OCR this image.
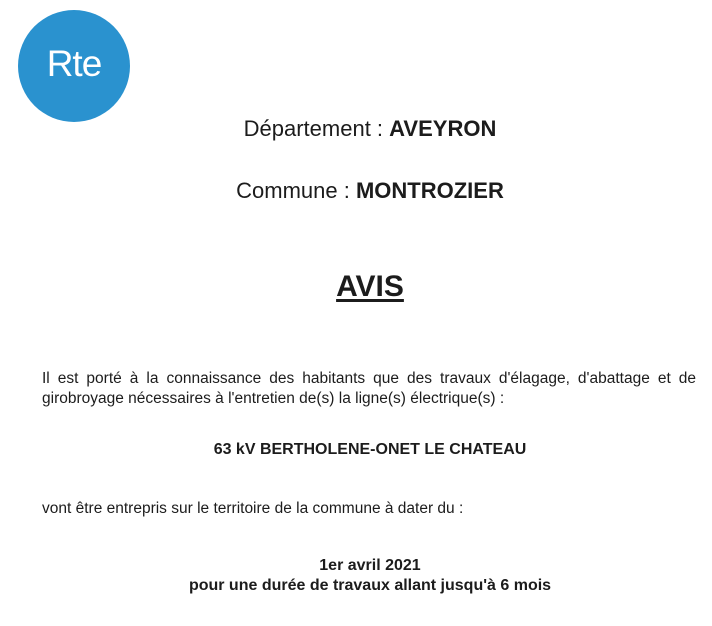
Rte
Département : AVEYRON
Commune : MONTROZIER
AVIS
Il est porté à la connaissance des habitants que des travaux d'élagage, d'abattage et de
girobroyage nécessaires à l'entretien de(s) la ligne(s) électrique(s) :
63 kV BERTHOLENE-ONET LE CHATEAU
vont être entrepris sur le territoire de la commune à dater du :
1er avril 2021
pour une durée de travaux allant jusqu'à 6 mois
